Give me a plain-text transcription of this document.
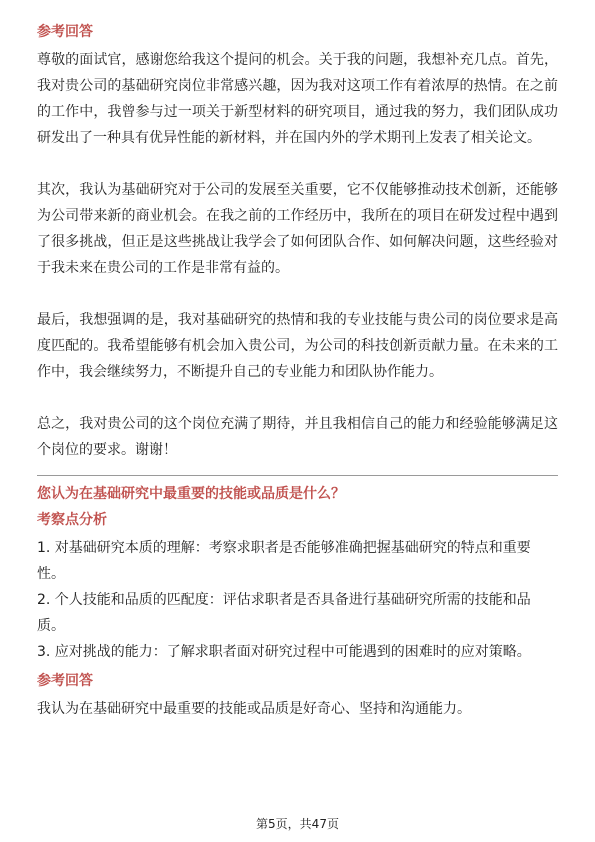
参考回答

尊敬的面试官，感谢您给我这个提问的机会。关于我的问题，我想补充几点。首先，我对贵公司的基础研究岗位非常感兴趣，因为我对这项工作有着浓厚的热情。在之前的工作中，我曾参与过一项关于新型材料的研究项目，通过我的努力，我们团队成功研发出了一种具有优异性能的新材料，并在国内外的学术期刊上发表了相关论文。

其次，我认为基础研究对于公司的发展至关重要，它不仅能够推动技术创新，还能够为公司带来新的商业机会。在我之前的工作经历中，我所在的项目在研发过程中遇到了很多挑战，但正是这些挑战让我学会了如何团队合作、如何解决问题，这些经验对于我未来在贵公司的工作是非常有益的。

最后，我想强调的是，我对基础研究的热情和我的专业技能与贵公司的岗位要求是高度匹配的。我希望能够有机会加入贵公司，为公司的科技创新贡献力量。在未来的工作中，我会继续努力，不断提升自己的专业能力和团队协作能力。

总之，我对贵公司的这个岗位充满了期待，并且我相信自己的能力和经验能够满足这个岗位的要求。谢谢！

您认为在基础研究中最重要的技能或品质是什么？
考察点分析

1. 对基础研究本质的理解：考察求职者是否能够准确把握基础研究的特点和重要性。

2. 个人技能和品质的匹配度：评估求职者是否具备进行基础研究所需的技能和品质。

3. 应对挑战的能力：了解求职者面对研究过程中可能遇到的困难时的应对策略。

参考回答

我认为在基础研究中最重要的技能或品质是好奇心、坚持和沟通能力。

第5页，共47页
